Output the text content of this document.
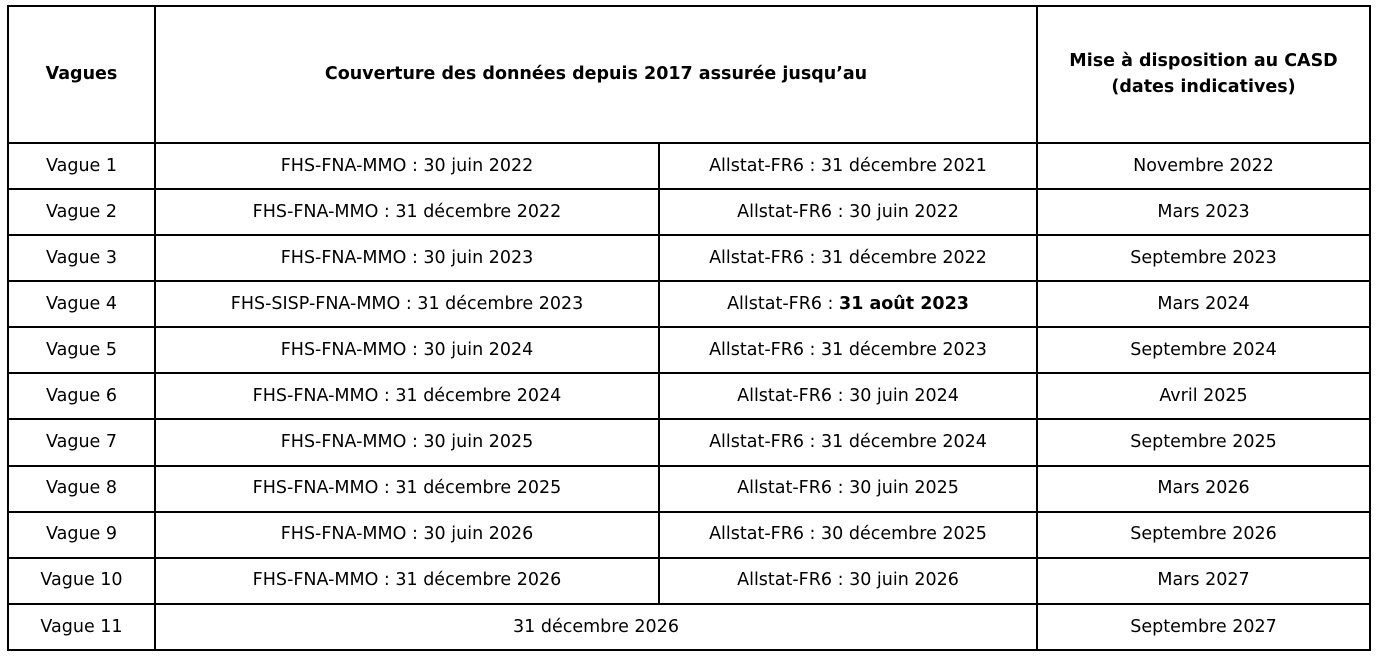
Vagues	Couverture des données depuis 2017 assurée jusqu’au		Mise à disposition au CASD
(dates indicatives)
Vague 1	FHS-FNA-MMO : 30 juin 2022	Allstat-FR6 : 31 décembre 2021	Novembre 2022
Vague 2	FHS-FNA-MMO : 31 décembre 2022	Allstat-FR6 : 30 juin 2022	Mars 2023
Vague 3	FHS-FNA-MMO : 30 juin 2023	Allstat-FR6 : 31 décembre 2022	Septembre 2023
Vague 4	FHS-SISP-FNA-MMO : 31 décembre 2023	Allstat-FR6 : 31 août 2023	Mars 2024
Vague 5	FHS-FNA-MMO : 30 juin 2024	Allstat-FR6 : 31 décembre 2023	Septembre 2024
Vague 6	FHS-FNA-MMO : 31 décembre 2024	Allstat-FR6 : 30 juin 2024	Avril 2025
Vague 7	FHS-FNA-MMO : 30 juin 2025	Allstat-FR6 : 31 décembre 2024	Septembre 2025
Vague 8	FHS-FNA-MMO : 31 décembre 2025	Allstat-FR6 : 30 juin 2025	Mars 2026
Vague 9	FHS-FNA-MMO : 30 juin 2026	Allstat-FR6 : 30 décembre 2025	Septembre 2026
Vague 10	FHS-FNA-MMO : 31 décembre 2026	Allstat-FR6 : 30 juin 2026	Mars 2027
Vague 11	31 décembre 2026		Septembre 2027
